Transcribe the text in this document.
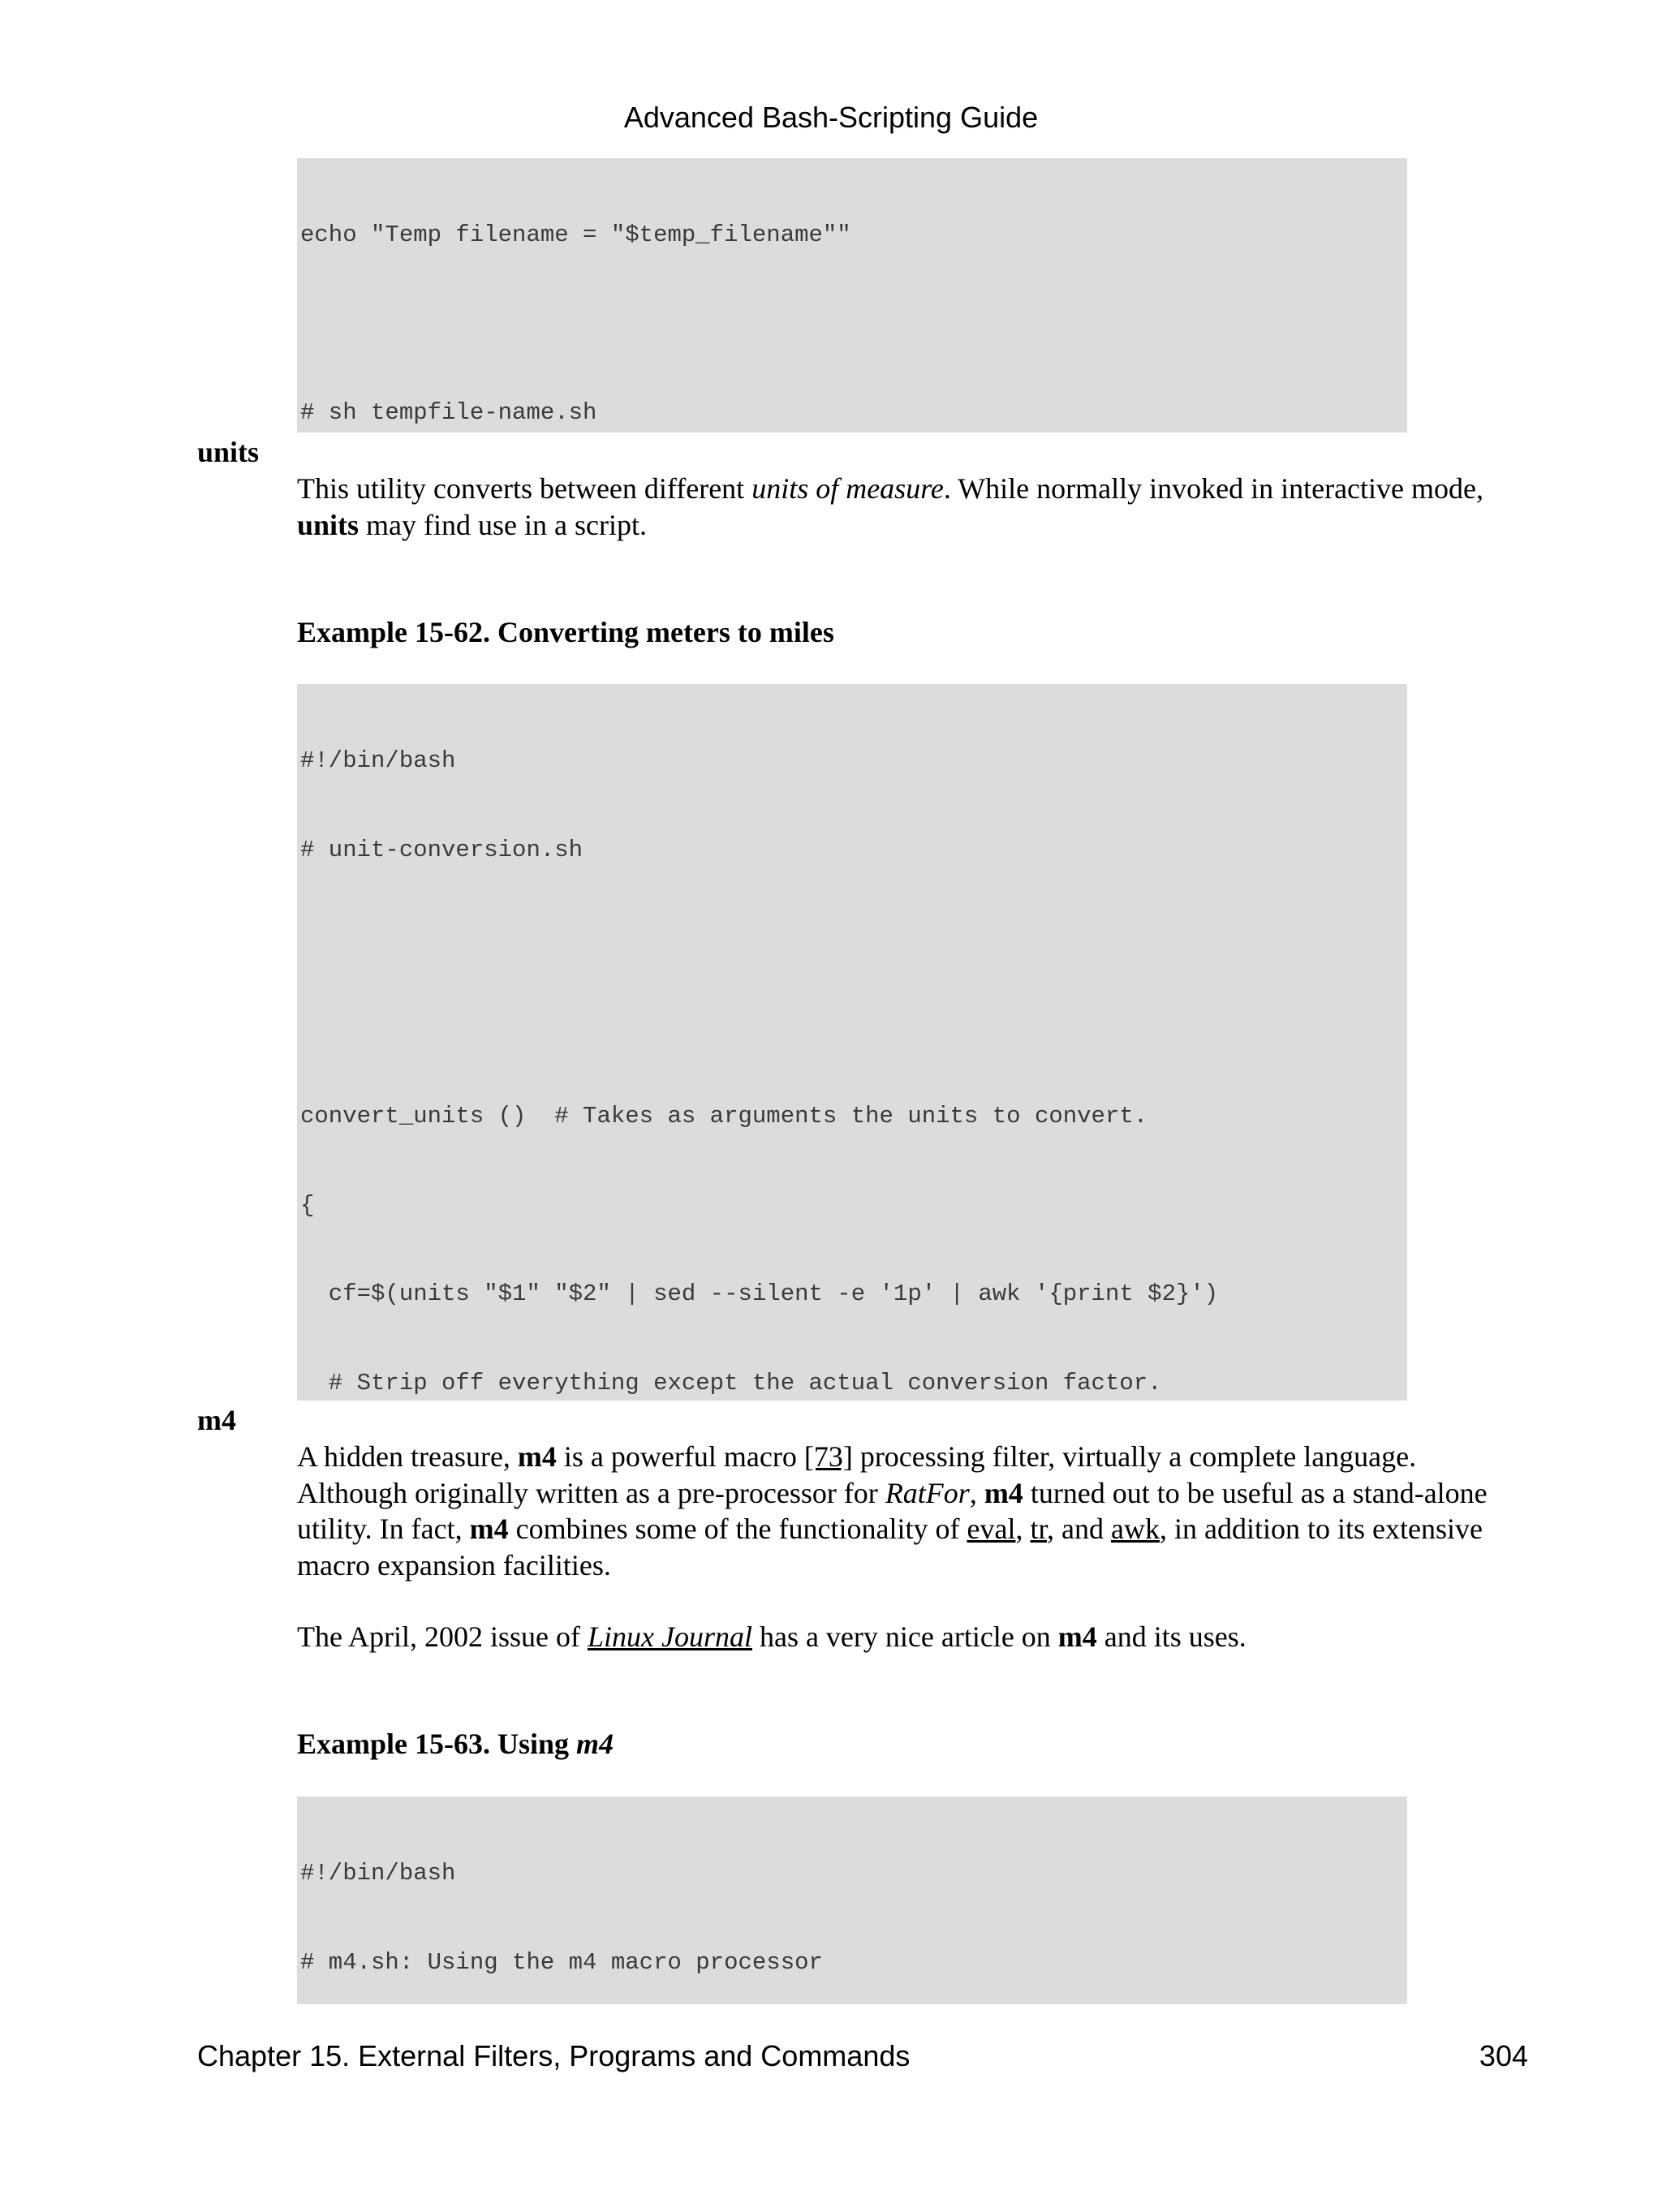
Advanced Bash-Scripting Guide

echo "Temp filename = "$temp_filename""

# sh tempfile-name.sh

units

This utility converts between different units of measure. While normally invoked in interactive mode,
units may find use in a script.

Example 15-62. Converting meters to miles

#!/bin/bash

# unit-conversion.sh

convert_units ()  # Takes as arguments the units to convert.

{

cf=$(units "$1" "$2" | sed --silent -e '1p' | awk '{print $2}')

# Strip off everything except the actual conversion factor.

m4

A hidden treasure, m4 is a powerful macro [73] processing filter, virtually a complete language.
Although originally written as a pre-processor for RatFor, m4 turned out to be useful as a stand-alone
utility. In fact, m4 combines some of the functionality of eval, tr, and awk, in addition to its extensive
macro expansion facilities.

The April, 2002 issue of Linux Journal has a very nice article on m4 and its uses.

Example 15-63. Using m4

#!/bin/bash

# m4.sh: Using the m4 macro processor

Chapter 15. External Filters, Programs and Commands	304
